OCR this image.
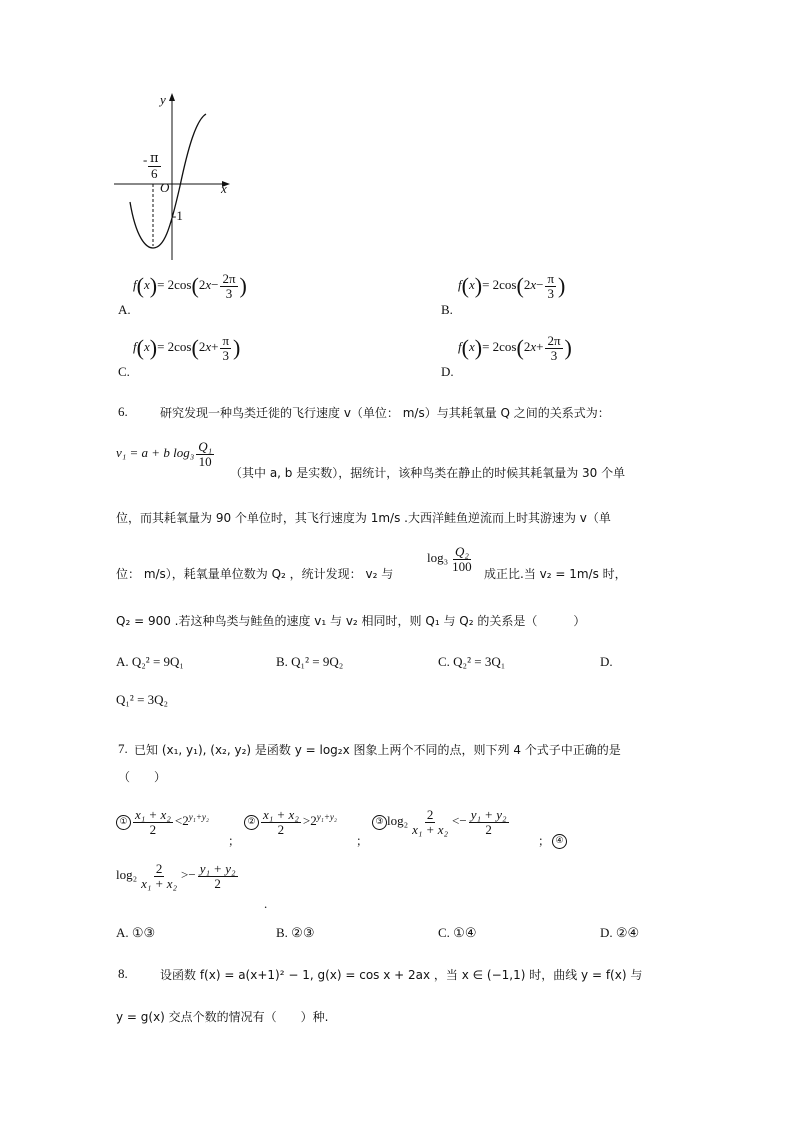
y
x
O
- $\frac{\pi}{6}$
-1
A.
$f(x)= 2\cos(2x- \frac{2\pi}{3}$ )
B.
$f(x)= 2\cos(2x- \frac{\pi}{3}$ )
C.
$f(x)= 2\cos(2x+ \frac{\pi}{3}$ )
D.
$f(x)= 2\cos(2x+ \frac{2\pi}{3}$ )
6.	研究发现一种鸟类迁徙的飞行速度 v（单位： m/s）与其耗氧量 Q 之间的关系式为：
v₁ = a + b $\log_3 \frac{\text{Q₁}}{10}$
（其中 a, b 是实数），据统计，该种鸟类在静止的时候其耗氧量为 30 个单
位，而其耗氧量为 90 个单位时，其飞行速度为 1m/s .大西洋鲑鱼逆流而上时其游速为 v（单
位： m/s），耗氧量单位数为 Q₂ ，统计发现： v₂ 与
$\log_3 \frac{\text{Q₂}}{100}$
成正比.当 v₂ = 1m/s 时，
Q₂ = 900 .若这种鸟类与鲑鱼的速度 v₁ 与 v₂ 相同时，则 Q₁ 与 Q₂ 的关系是（　　　）
A. Q₂² = 9Q₁	B. Q₁² = 9Q₂	C. Q₂² = 3Q₁	D.
Q₁² = 3Q₂
7. 已知 (x₁, y₁), (x₂, y₂) 是函数 y = log₂x 图象上两个不同的点，则下列 4 个式子中正确的是
（　　）
① $\frac{\text{x₁ + x₂}}{2} <2^{y_1+y_2}$
；
② $\frac{\text{x₁ + x₂}}{2} >2^{y_1+y_2}$
；
③ $\log_2 \frac{2}{\text{x₁ + x₂}} <- \frac{\text{y₁ + y₂}}{2}$
； ④
$\log_2 \frac{2}{\text{x₁ + x₂}} >- \frac{\text{y₁ + y₂}}{2}$
.
A. ①③	B. ②③	C. ①④	D. ②④
8.	设函数 f(x) = a(x+1)² − 1, g(x) = cos x + 2ax ，当 x ∈ (−1,1) 时，曲线 y = f(x) 与
y = g(x) 交点个数的情况有（　　）种.
